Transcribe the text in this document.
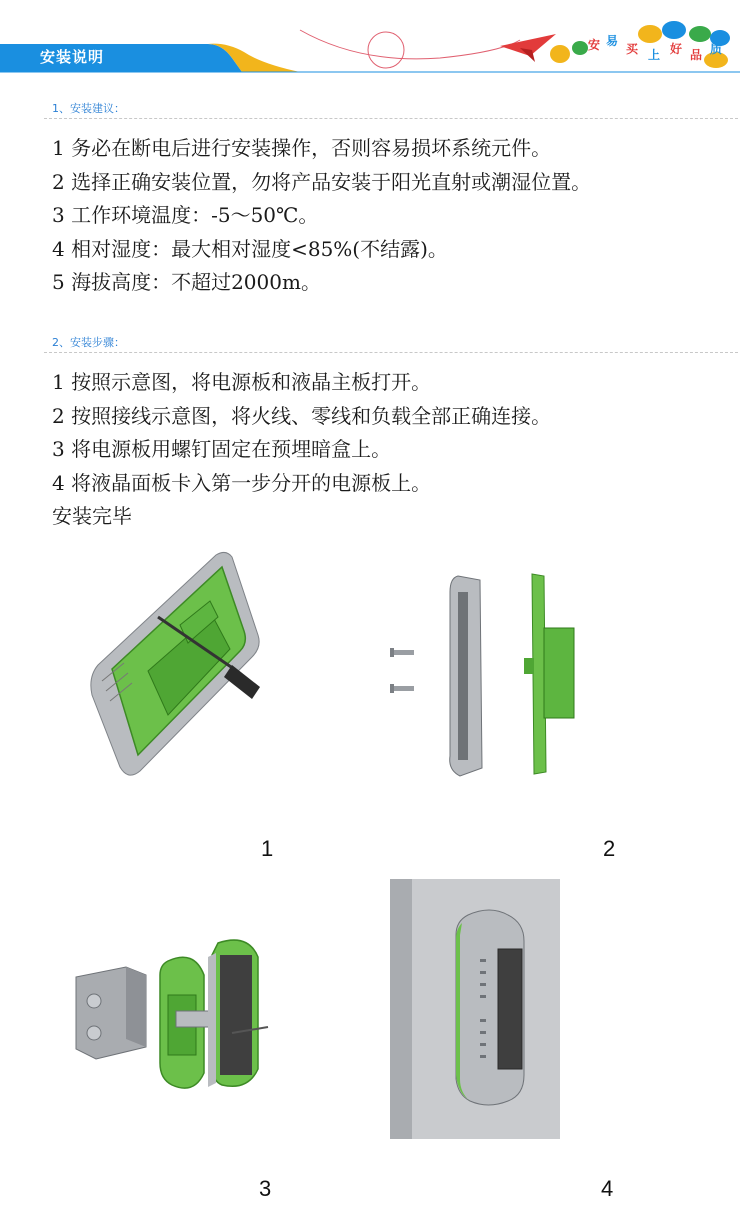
安装说明
安 易
买 上 好 品 质
1、安装建议：
1 务必在断电后进行安装操作，否则容易损坏系统元件。
2 选择正确安装位置，勿将产品安装于阳光直射或潮湿位置。
3 工作环境温度：-5～50℃。
4 相对湿度：最大相对湿度<85%(不结露)。
5 海拔高度：不超过2000m。
2、安装步骤：
1 按照示意图，将电源板和液晶主板打开。
2 按照接线示意图，将火线、零线和负载全部正确连接。
3 将电源板用螺钉固定在预埋暗盒上。
4 将液晶面板卡入第一步分开的电源板上。
安装完毕
1	2
3	4
